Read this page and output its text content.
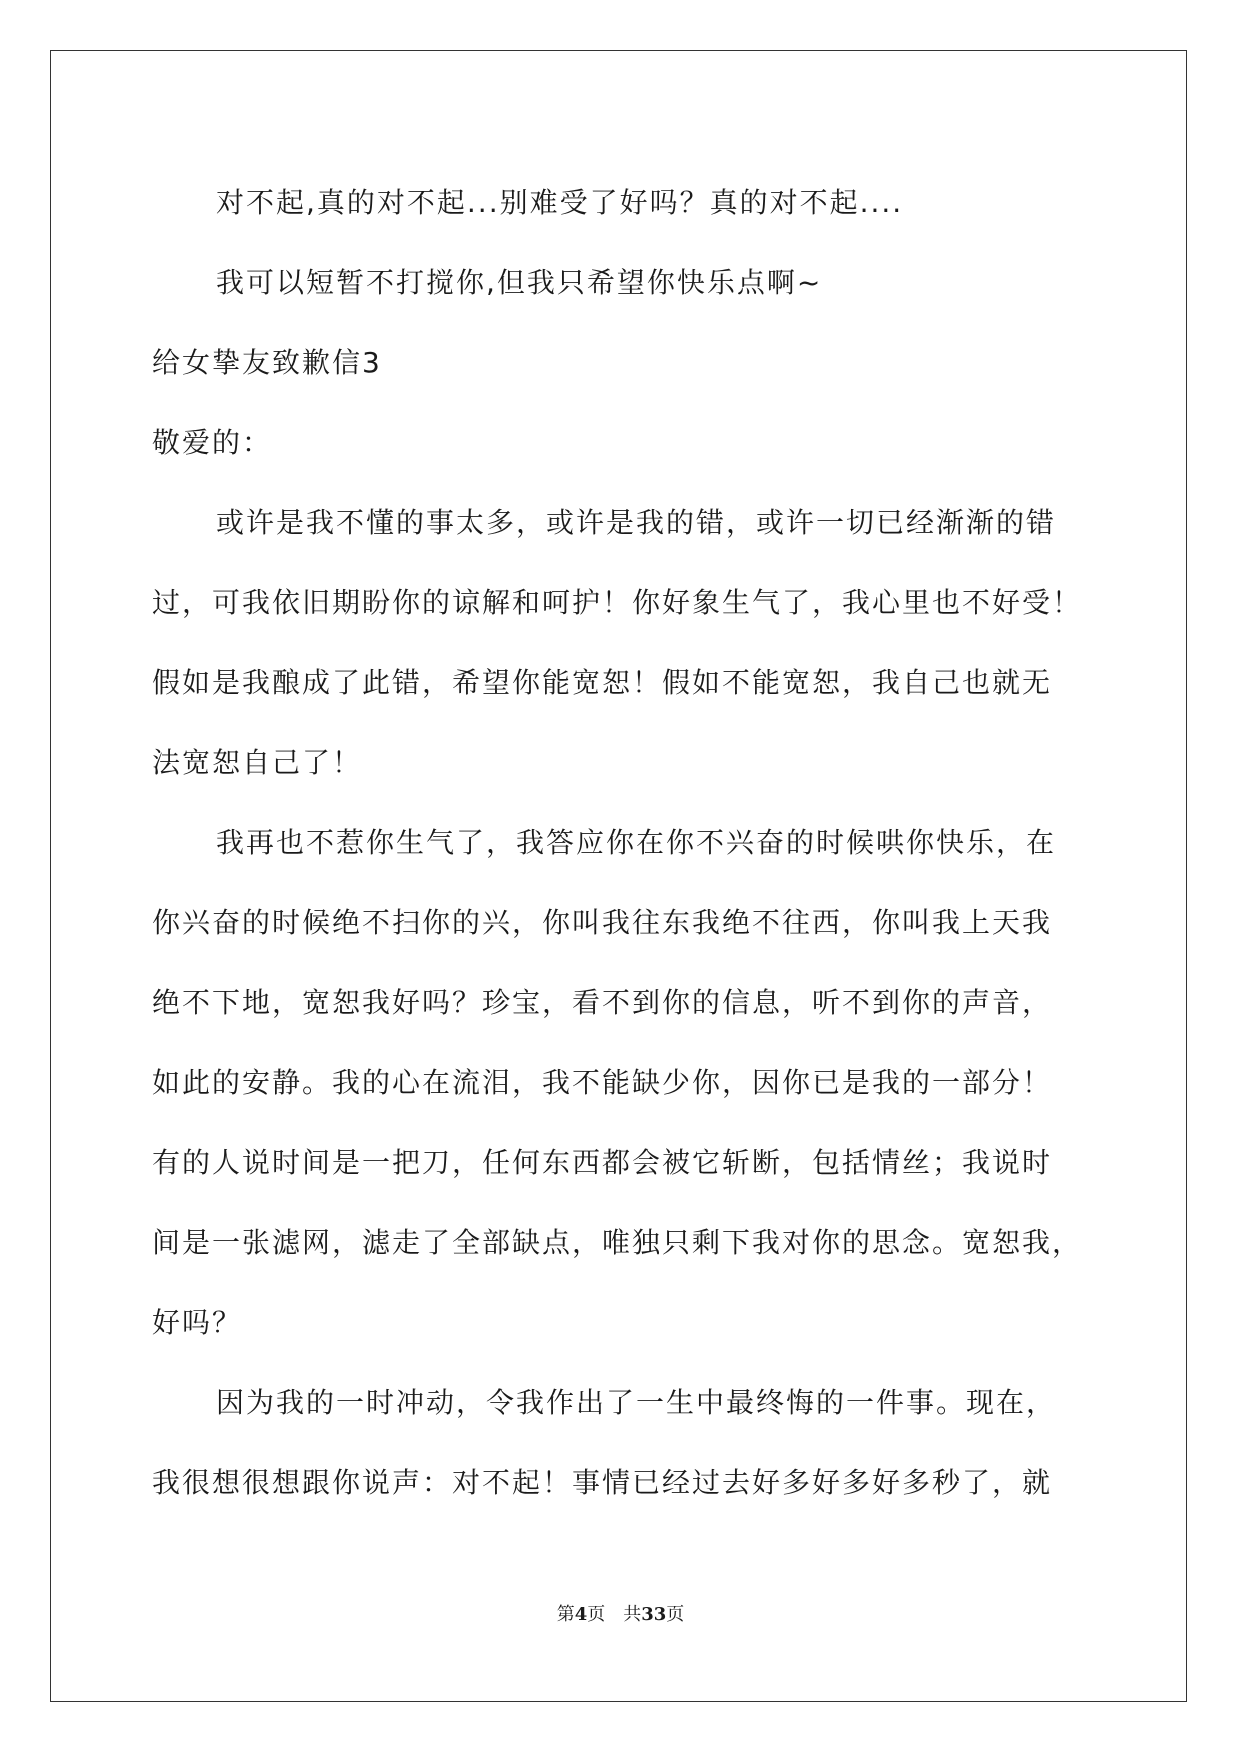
对不起,真的对不起...别难受了好吗？真的对不起....
我可以短暂不打搅你,但我只希望你快乐点啊~
给女挚友致歉信3
敬爱的：
或许是我不懂的事太多，或许是我的错，或许一切已经渐渐的错
过，可我依旧期盼你的谅解和呵护！你好象生气了，我心里也不好受！
假如是我酿成了此错，希望你能宽恕！假如不能宽恕，我自己也就无
法宽恕自己了！
我再也不惹你生气了，我答应你在你不兴奋的时候哄你快乐，在
你兴奋的时候绝不扫你的兴，你叫我往东我绝不往西，你叫我上天我
绝不下地，宽恕我好吗？珍宝，看不到你的信息，听不到你的声音，
如此的安静。我的心在流泪，我不能缺少你，因你已是我的一部分！
有的人说时间是一把刀，任何东西都会被它斩断，包括情丝；我说时
间是一张滤网，滤走了全部缺点，唯独只剩下我对你的思念。宽恕我，
好吗？
因为我的一时冲动，令我作出了一生中最终悔的一件事。现在，
我很想很想跟你说声：对不起！事情已经过去好多好多好多秒了，就
第4页　共33页
